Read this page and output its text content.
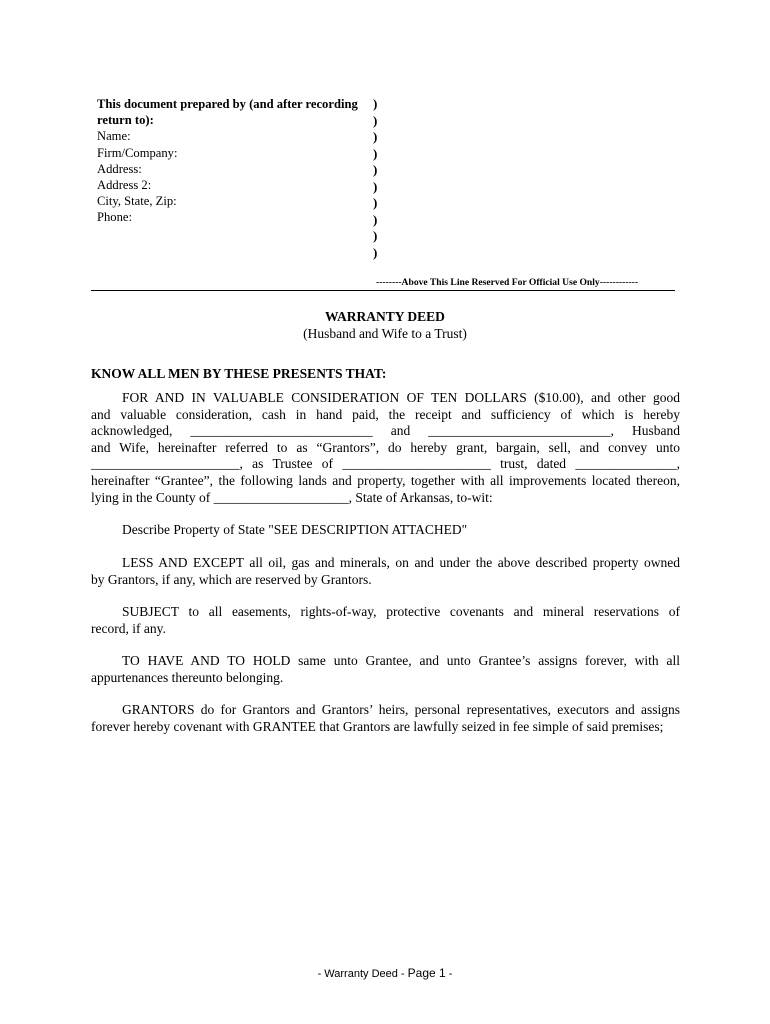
This document prepared by (and after recording
return to):
Name:
Firm/Company:
Address:
Address 2:
City, State, Zip:
Phone:
)
)
)
)
)
)
)
)
)
)
--------Above This Line Reserved For Official Use Only------------
WARRANTY DEED
(Husband and Wife to a Trust)
KNOW ALL MEN BY THESE PRESENTS THAT:
FOR AND IN VALUABLE CONSIDERATION OF TEN DOLLARS ($10.00), and other good
and valuable consideration, cash in hand paid, the receipt and sufficiency of which is hereby
acknowledged, ___________________________ and ___________________________, Husband
and Wife, hereinafter referred to as “Grantors”, do hereby grant, bargain, sell, and convey unto
______________________, as Trustee of ______________________ trust, dated _______________,
hereinafter “Grantee”, the following lands and property, together with all improvements located thereon,
lying in the County of ____________________, State of Arkansas, to-wit:
Describe Property of State "SEE DESCRIPTION ATTACHED"
LESS AND EXCEPT all oil, gas and minerals, on and under the above described property owned
by Grantors, if any, which are reserved by Grantors.
SUBJECT to all easements, rights-of-way, protective covenants and mineral reservations of
record, if any.
TO HAVE AND TO HOLD same unto Grantee, and unto Grantee’s assigns forever, with all
appurtenances thereunto belonging.
GRANTORS do for Grantors and Grantors’ heirs, personal representatives, executors and assigns
forever hereby covenant with GRANTEE that Grantors are lawfully seized in fee simple of said premises;
- Warranty Deed - Page 1 -
